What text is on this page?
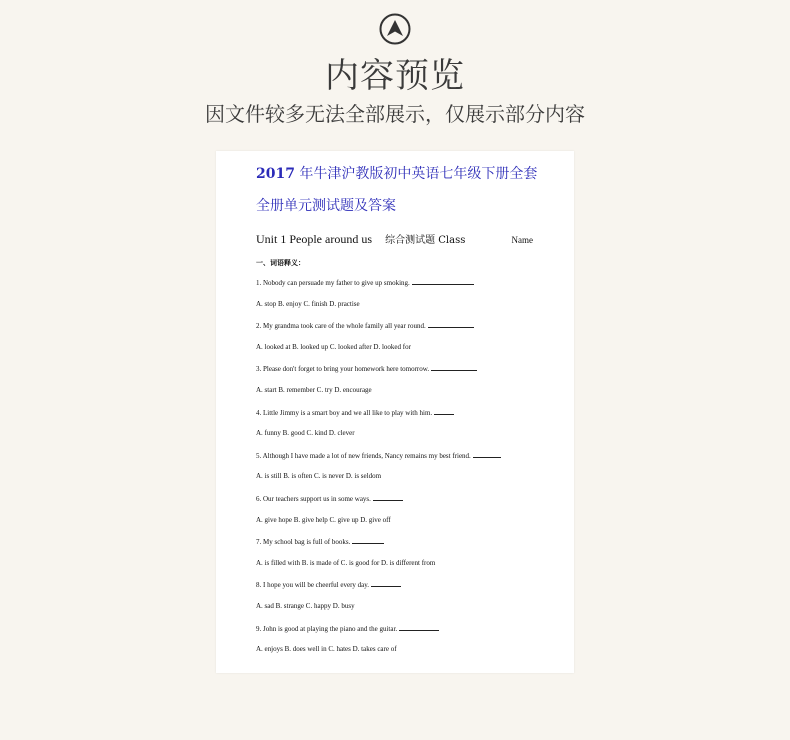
内容预览
因文件较多无法全部展示，仅展示部分内容
2017 年牛津沪教版初中英语七年级下册全套
全册单元测试题及答案
Unit 1 People around us 综合测试题 Class	Name
一、词语释义：
1. Nobody can persuade my father to give up smoking.
A. stop B. enjoy C. finish D. practise
2. My grandma took care of the whole family all year round.
A. looked at B. looked up C. looked after D. looked for
3. Please don't forget to bring your homework here tomorrow.
A. start B. remember C. try D. encourage
4. Little Jimmy is a smart boy and we all like to play with him.
A. funny B. good C. kind D. clever
5. Although I have made a lot of new friends, Nancy remains my best friend.
A. is still B. is often C. is never D. is seldom
6. Our teachers support us in some ways.
A. give hope B. give help C. give up D. give off
7. My school bag is full of books.
A. is filled with B. is made of C. is good for D. is different from
8. I hope you will be cheerful every day.
A. sad B. strange C. happy D. busy
9. John is good at playing the piano and the guitar.
A. enjoys B. does well in C. hates D. takes care of
